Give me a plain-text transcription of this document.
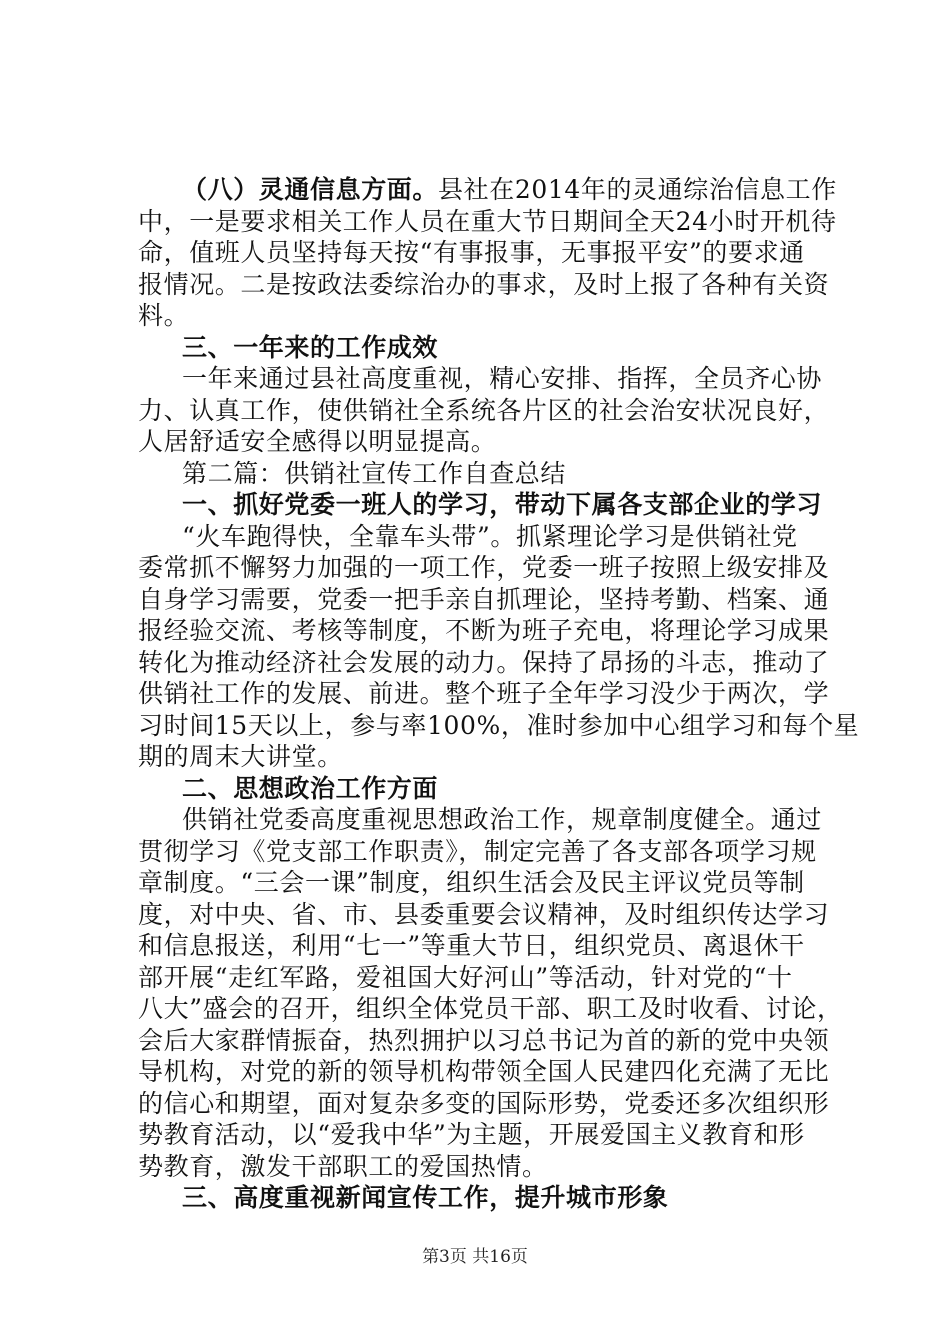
（八）灵通信息方面。县社在2014年的灵通综治信息工作
中，一是要求相关工作人员在重大节日期间全天24小时开机待
命，值班人员坚持每天按“有事报事，无事报平安”的要求通
报情况。二是按政法委综治办的事求，及时上报了各种有关资
料。
三、一年来的工作成效
一年来通过县社高度重视，精心安排、指挥，全员齐心协
力、认真工作，使供销社全系统各片区的社会治安状况良好，
人居舒适安全感得以明显提高。
第二篇：供销社宣传工作自查总结
一、抓好党委一班人的学习，带动下属各支部企业的学习
“火车跑得快，全靠车头带”。抓紧理论学习是供销社党
委常抓不懈努力加强的一项工作，党委一班子按照上级安排及
自身学习需要，党委一把手亲自抓理论，坚持考勤、档案、通
报经验交流、考核等制度，不断为班子充电，将理论学习成果
转化为推动经济社会发展的动力。保持了昂扬的斗志，推动了
供销社工作的发展、前进。整个班子全年学习没少于两次，学
习时间15天以上，参与率100%，准时参加中心组学习和每个星
期的周末大讲堂。
二、思想政治工作方面
供销社党委高度重视思想政治工作，规章制度健全。通过
贯彻学习《党支部工作职责》，制定完善了各支部各项学习规
章制度。“三会一课”制度，组织生活会及民主评议党员等制
度，对中央、省、市、县委重要会议精神，及时组织传达学习
和信息报送，利用“七一”等重大节日，组织党员、离退休干
部开展“走红军路，爱祖国大好河山”等活动，针对党的“十
八大”盛会的召开，组织全体党员干部、职工及时收看、讨论，
会后大家群情振奋，热烈拥护以习总书记为首的新的党中央领
导机构，对党的新的领导机构带领全国人民建四化充满了无比
的信心和期望，面对复杂多变的国际形势，党委还多次组织形
势教育活动，以“爱我中华”为主题，开展爱国主义教育和形
势教育，激发干部职工的爱国热情。
三、高度重视新闻宣传工作，提升城市形象
第3页 共16页
